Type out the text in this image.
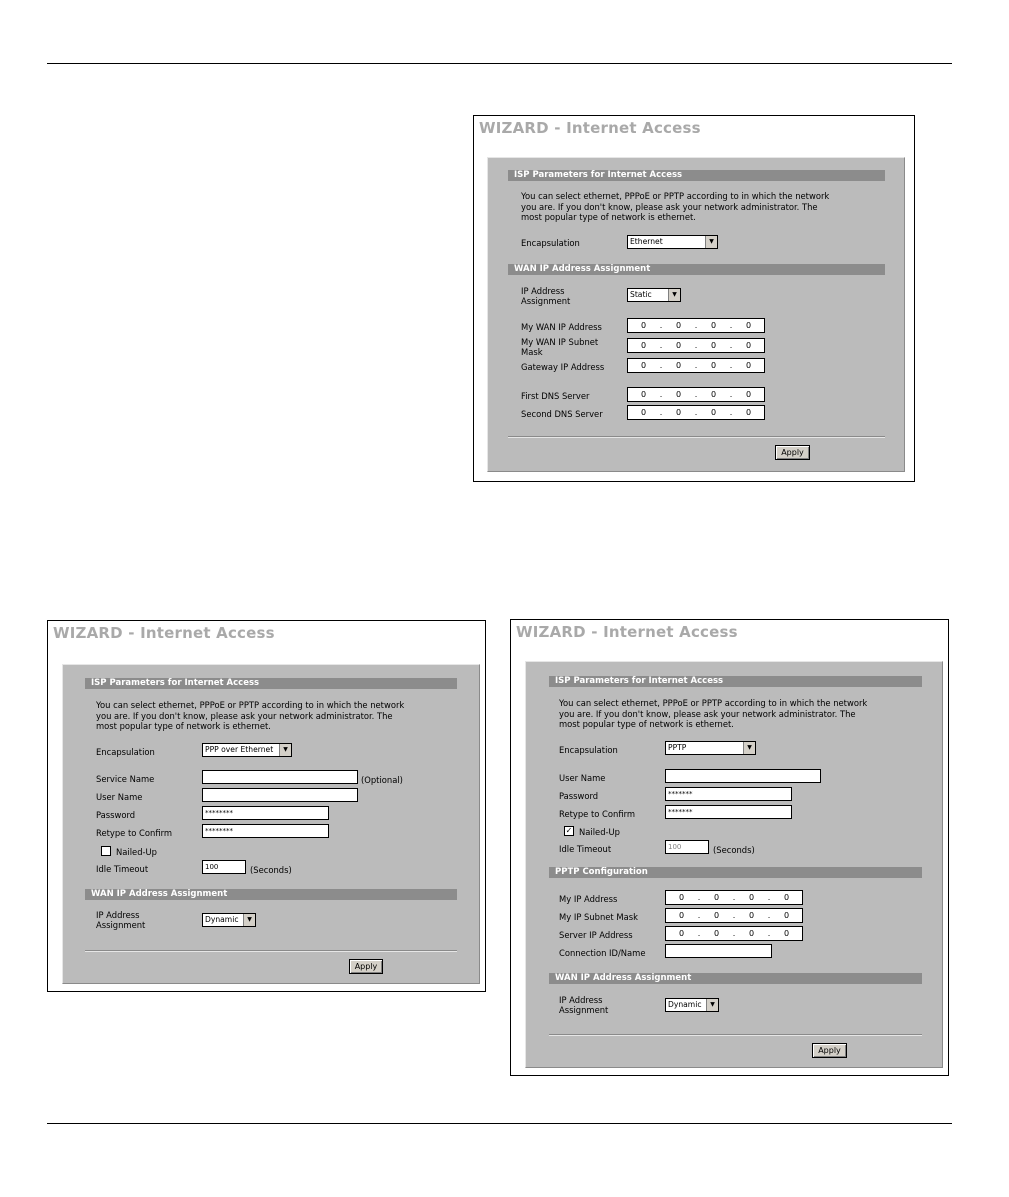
WIZARD - Internet Access
ISP Parameters for Internet Access
You can select ethernet, PPPoE or PPTP according to in which the network
you are. If you don't know, please ask your network administrator. The
most popular type of network is ethernet.
Encapsulation	Ethernet	▼
WAN IP Address Assignment
IP Address
Assignment
Static	▼
My WAN IP Address	0	.	0	.	0	.	0
My WAN IP Subnet
Mask
0	.	0	.	0	.	0
Gateway IP Address	0	.	0	.	0	.	0
First DNS Server	0	.	0	.	0	.	0
Second DNS Server	0	.	0	.	0	.	0
Apply
WIZARD - Internet Access
ISP Parameters for Internet Access
You can select ethernet, PPPoE or PPTP according to in which the network
you are. If you don't know, please ask your network administrator. The
most popular type of network is ethernet.
Encapsulation	PPP over Ethernet	▼
Service Name	(Optional)
User Name
Password	********
Retype to Confirm	********
Nailed-Up
Idle Timeout	100	(Seconds)
WAN IP Address Assignment
IP Address
Assignment
Dynamic	▼
Apply
WIZARD - Internet Access
ISP Parameters for Internet Access
You can select ethernet, PPPoE or PPTP according to in which the network
you are. If you don't know, please ask your network administrator. The
most popular type of network is ethernet.
Encapsulation	PPTP	▼
User Name
Password	*******
Retype to Confirm	*******
✓ Nailed-Up
Idle Timeout	100	(Seconds)
PPTP Configuration
My IP Address	0	.	0	.	0	.	0
My IP Subnet Mask	0	.	0	.	0	.	0
Server IP Address	0	.	0	.	0	.	0
Connection ID/Name
WAN IP Address Assignment
IP Address
Assignment
Dynamic	▼
Apply
